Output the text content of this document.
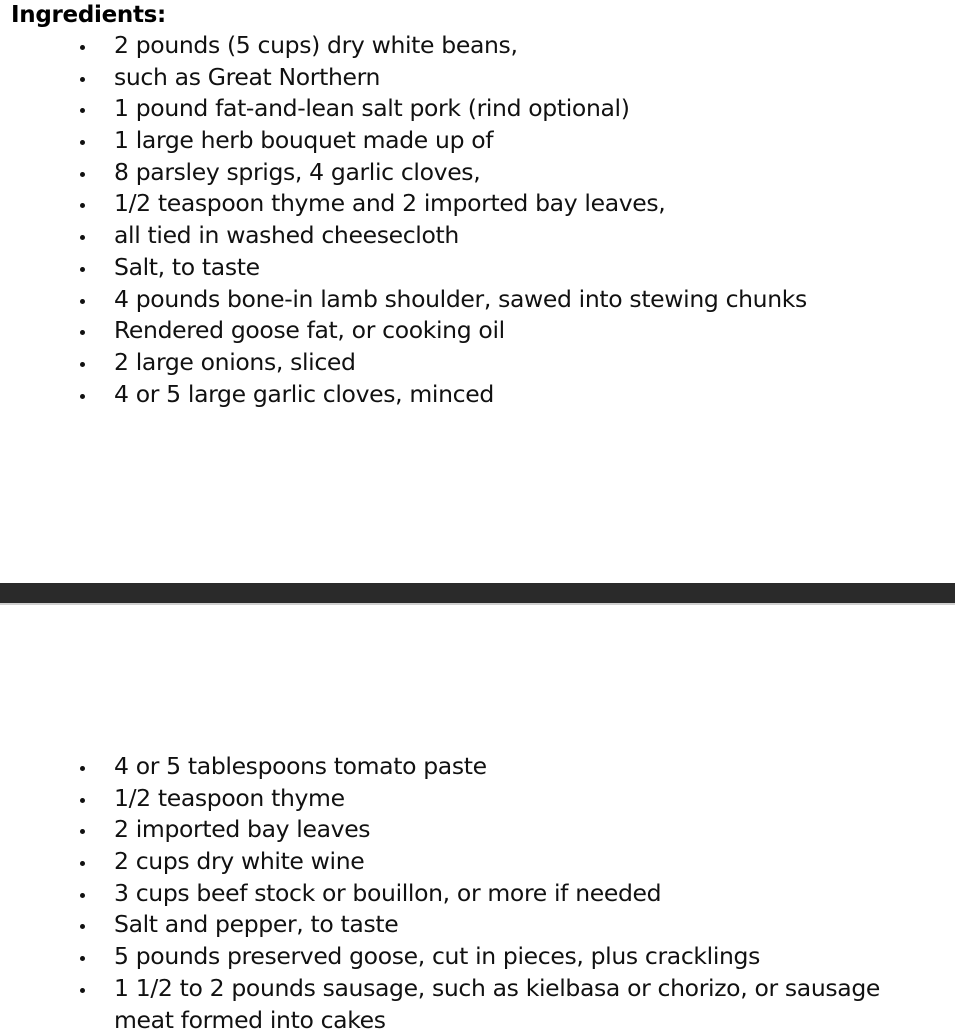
Ingredients:
2 pounds (5 cups) dry white beans,
such as Great Northern
1 pound fat-and-lean salt pork (rind optional)
1 large herb bouquet made up of
8 parsley sprigs, 4 garlic cloves,
1/2 teaspoon thyme and 2 imported bay leaves,
all tied in washed cheesecloth
Salt, to taste
4 pounds bone-in lamb shoulder, sawed into stewing chunks
Rendered goose fat, or cooking oil
2 large onions, sliced
4 or 5 large garlic cloves, minced
4 or 5 tablespoons tomato paste
1/2 teaspoon thyme
2 imported bay leaves
2 cups dry white wine
3 cups beef stock or bouillon, or more if needed
Salt and pepper, to taste
5 pounds preserved goose, cut in pieces, plus cracklings
1 1/2 to 2 pounds sausage, such as kielbasa or chorizo, or sausage
meat formed into cakes
